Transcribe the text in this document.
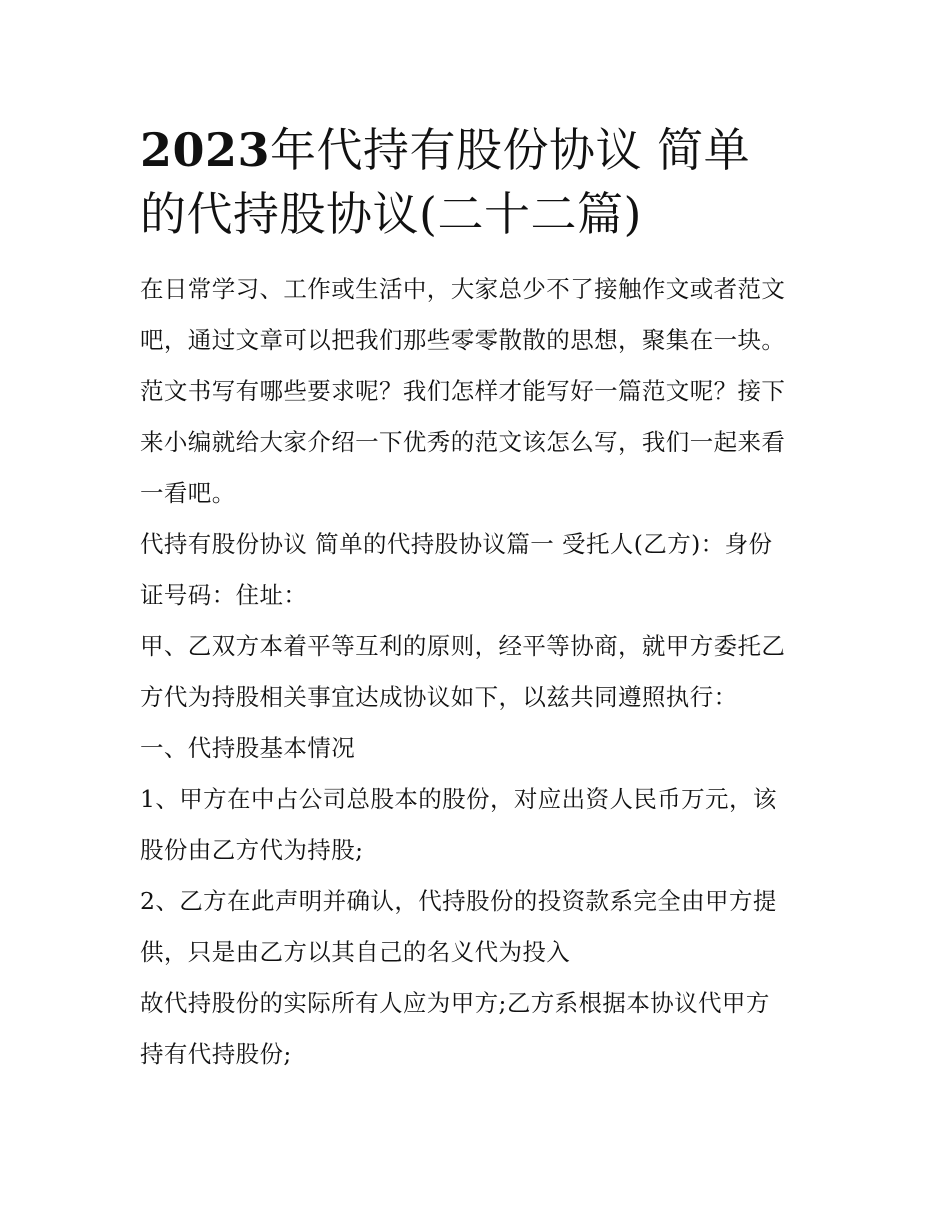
2023年代持有股份协议 简单
的代持股协议(二十二篇)

在日常学习、工作或生活中，大家总少不了接触作文或者范文
吧，通过文章可以把我们那些零零散散的思想，聚集在一块。
范文书写有哪些要求呢？我们怎样才能写好一篇范文呢？接下
来小编就给大家介绍一下优秀的范文该怎么写，我们一起来看
一看吧。

代持有股份协议 简单的代持股协议篇一 受托人(乙方)：身份
证号码：住址：

甲、乙双方本着平等互利的原则，经平等协商，就甲方委托乙
方代为持股相关事宜达成协议如下，以兹共同遵照执行：

一、代持股基本情况

1、甲方在中占公司总股本的股份，对应出资人民币万元，该
股份由乙方代为持股;

2、乙方在此声明并确认，代持股份的投资款系完全由甲方提
供，只是由乙方以其自己的名义代为投入

故代持股份的实际所有人应为甲方;乙方系根据本协议代甲方
持有代持股份;
